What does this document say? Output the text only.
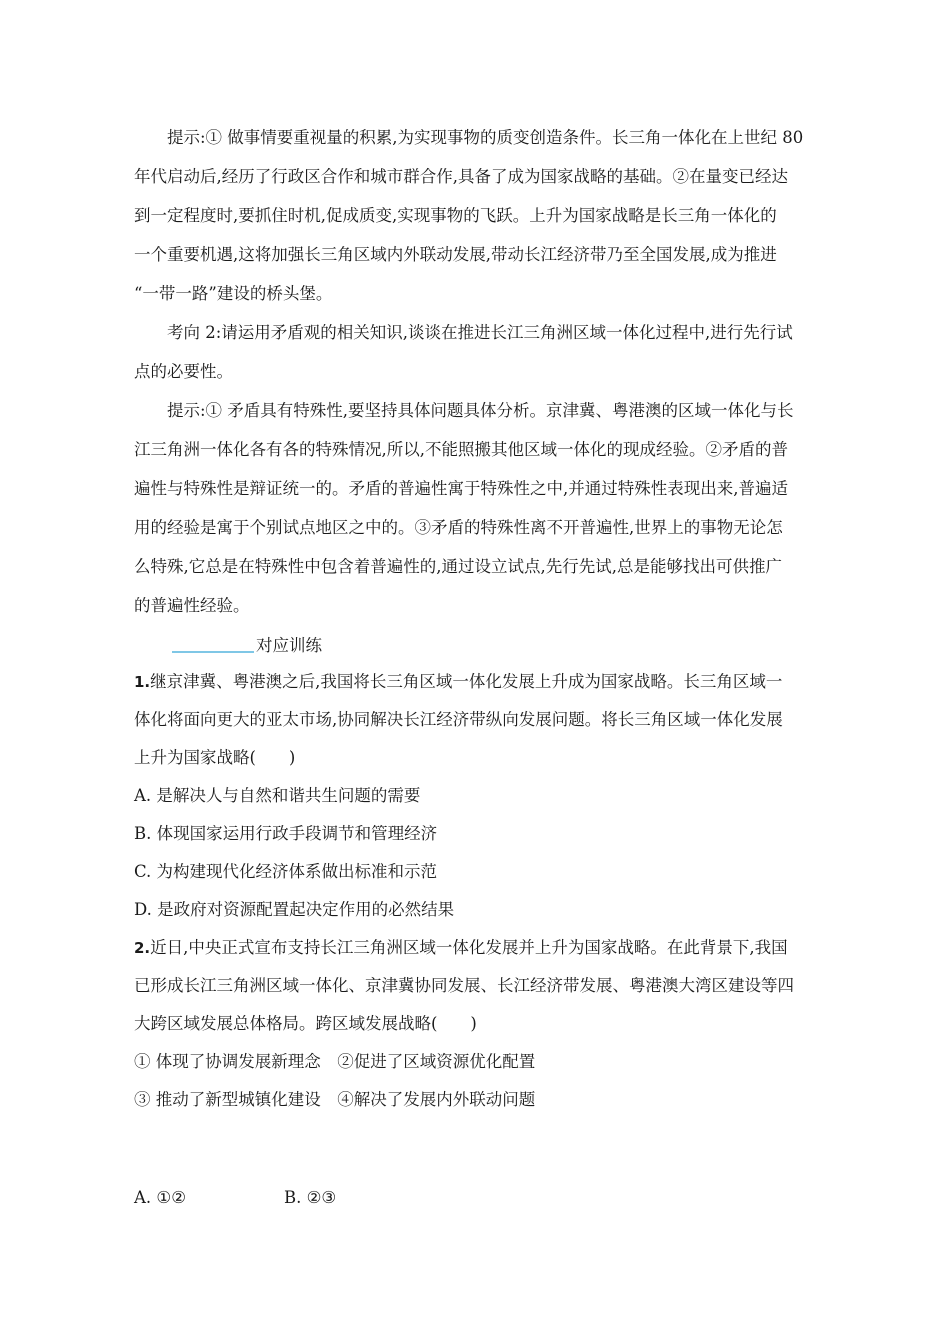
提示:① 做事情要重视量的积累,为实现事物的质变创造条件。长三角一体化在上世纪 80
年代启动后,经历了行政区合作和城市群合作,具备了成为国家战略的基础。②在量变已经达
到一定程度时,要抓住时机,促成质变,实现事物的飞跃。上升为国家战略是长三角一体化的
一个重要机遇,这将加强长三角区域内外联动发展,带动长江经济带乃至全国发展,成为推进
“一带一路”建设的桥头堡。

考向 2:请运用矛盾观的相关知识,谈谈在推进长江三角洲区域一体化过程中,进行先行试
点的必要性。

提示:① 矛盾具有特殊性,要坚持具体问题具体分析。京津冀、粤港澳的区域一体化与长
江三角洲一体化各有各的特殊情况,所以,不能照搬其他区域一体化的现成经验。②矛盾的普
遍性与特殊性是辩证统一的。矛盾的普遍性寓于特殊性之中,并通过特殊性表现出来,普遍适
用的经验是寓于个别试点地区之中的。③矛盾的特殊性离不开普遍性,世界上的事物无论怎
么特殊,它总是在特殊性中包含着普遍性的,通过设立试点,先行先试,总是能够找出可供推广
的普遍性经验。

对应训练
1.继京津冀、粤港澳之后,我国将长三角区域一体化发展上升成为国家战略。长三角区域一
体化将面向更大的亚太市场,协同解决长江经济带纵向发展问题。将长三角区域一体化发展
上升为国家战略(　　)
A. 是解决人与自然和谐共生问题的需要
B. 体现国家运用行政手段调节和管理经济
C. 为构建现代化经济体系做出标准和示范
D. 是政府对资源配置起决定作用的必然结果
2.近日,中央正式宣布支持长江三角洲区域一体化发展并上升为国家战略。在此背景下,我国
已形成长江三角洲区域一体化、京津冀协同发展、长江经济带发展、粤港澳大湾区建设等四
大跨区域发展总体格局。跨区域发展战略(　　)
① 体现了协调发展新理念　②促进了区域资源优化配置
③ 推动了新型城镇化建设　④解决了发展内外联动问题
A. ①②	B. ②③
